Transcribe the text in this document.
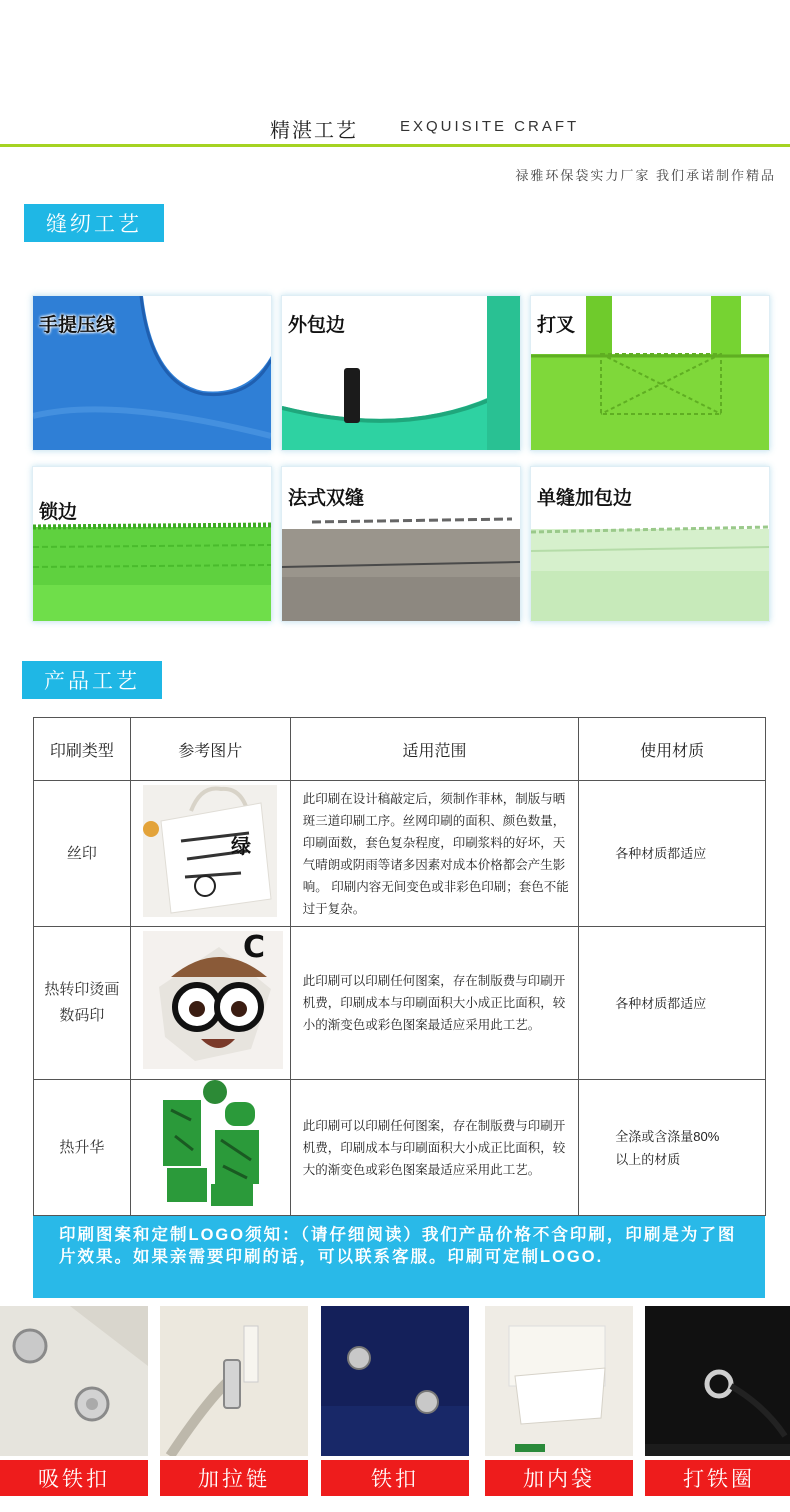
精湛工艺	EXQUISITE CRAFT
禄雅环保袋实力厂家 我们承诺制作精品
缝纫工艺
手提压线	外包边	打叉
锁边
法式双缝	单缝加包边
产品工艺
印刷类型	参考图片	适用范围	使用材质

丝印	绿	此印刷在设计稿敲定后，须制作菲林，制版与晒斑三道印刷工序。丝网印刷的面积、颜色数量，印刷面数，套色复杂程度，印刷浆料的好坏，天气晴朗或阴雨等诸多因素对成本价格都会产生影响。 印刷内容无间变色或非彩色印刷；套色不能过于复杂。	各种材质都适应

热转印烫画
数码印	C	此印刷可以印刷任何图案，存在制版费与印刷开机费，印刷成本与印刷面积大小成正比面积，较小的渐变色或彩色图案最适应采用此工艺。	各种材质都适应

热升华		此印刷可以印刷任何图案，存在制版费与印刷开机费，印刷成本与印刷面积大小成正比面积，较大的渐变色或彩色图案最适应采用此工艺。	全涤或含涤量80%
以上的材质
印刷图案和定制LOGO须知：（请仔细阅读）我们产品价格不含印刷，印刷是为了图片效果。如果亲需要印刷的话，可以联系客服。印刷可定制LOGO.
吸铁扣	加拉链	铁扣	加内袋	打铁圈
